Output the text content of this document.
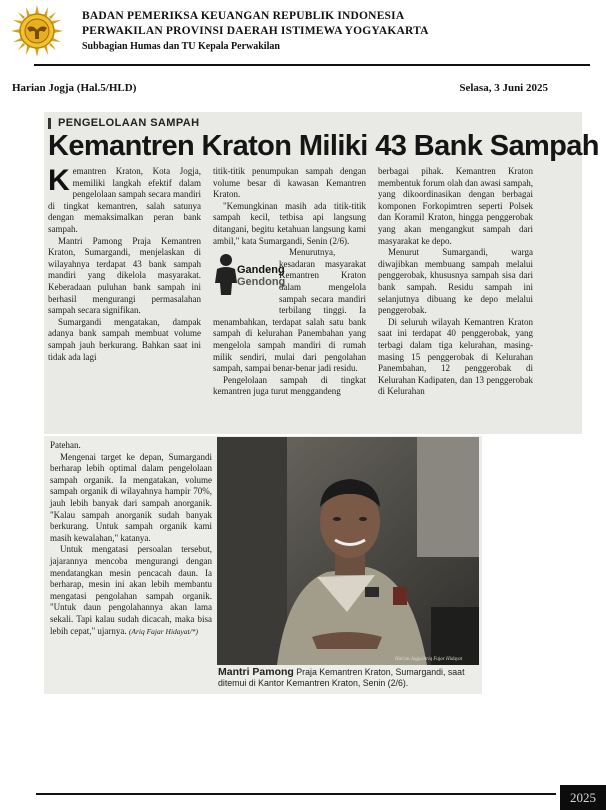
BADAN PEMERIKSA KEUANGAN REPUBLIK INDONESIA
PERWAKILAN PROVINSI DAERAH ISTIMEWA YOGYAKARTA
Subbagian Humas dan TU Kepala Perwakilan
Harian Jogja (Hal.5/HLD)	Selasa, 3 Juni 2025
PENGELOLAAN SAMPAH
Kemantren Kraton Miliki 43 Bank Sampah
K emantren Kraton, Kota Jogja, memiliki langkah efektif dalam pengelolaan sampah secara mandiri di tingkat kemantren, salah satunya dengan memaksimalkan peran bank sampah.

Mantri Pamong Praja Kemantren Kraton, Sumargandi, menjelaskan di wilayahnya terdapat 43 bank sampah mandiri yang dikelola masyarakat. Keberadaan puluhan bank sampah ini berhasil mengurangi permasalahan sampah secara signifikan.

Sumargandi mengatakan, dampak adanya bank sampah membuat volume sampah jauh berkurang. Bahkan saat ini tidak ada lagi

titik-titik penumpukan sampah dengan volume besar di kawasan Kemantren Kraton.

"Kemungkinan masih ada titik-titik sampah kecil, tetbisa api langsung ditangani, begitu ketahuan langsung kami ambil," kata Sumargandi, Senin (2/6).

Gandeng
Gendong

Menurutnya, kesadaran masyarakat Kemantren Kraton dalam mengelola sampah secara mandiri terbilang tinggi. Ia menambahkan, terdapat salah satu bank sampah di kelurahan Panembahan yang mengelola sampah mandiri di rumah milik sendiri, mulai dari pengolahan sampah, sampai benar-benar jadi residu.

Pengelolaan sampah di tingkat kemantren juga turut menggandeng

berbagai pihak. Kemantren Kraton membentuk forum olah dan awasi sampah, yang dikoordinasikan dengan berbagai komponen Forkopimtren seperti Polsek dan Koramil Kraton, hingga penggerobak yang akan mengangkut sampah dari masyarakat ke depo.

Menurut Sumargandi, warga diwajibkan membuang sampah melalui penggerobak, khususnya sampah sisa dari bank sampah. Residu sampah ini selanjutnya dibuang ke depo melalui penggerobak.

Di seluruh wilayah Kemantren Kraton saat ini terdapat 40 penggerobak, yang terbagi dalam tiga kelurahan, masing-masing 15 penggerobak di Kelurahan Panembahan, 12 penggerobak di Kelurahan Kadipaten, dan 13 penggerobak di Kelurahan

Patehan.

Mengenai target ke depan, Sumargandi berharap lebih optimal dalam pengelolaan sampah organik. Ia mengatakan, volume sampah organik di wilayahnya hampir 70%, jauh lebih banyak dari sampah anorganik. "Kalau sampah anorganik sudah banyak berkurang. Untuk sampah organik kami masih kewalahan," katanya.

Untuk mengatasi persoalan tersebut, jajarannya mencoba mengurangi dengan mendatangkan mesin pencacah daun. Ia berharap, mesin ini akan lebih membantu mengatasi pengolahan sampah organik. "Untuk daun pengolahannya akan lama sekali. Tapi kalau sudah dicacah, maka bisa lebih cepat," ujarnya. (Ariq Fajar Hidayat/*)

Harian Jogja/Ariq Fajar Hidayat
Mantri Pamong Praja Kemantren Kraton, Sumargandi, saat ditemui di Kantor Kemantren Kraton, Senin (2/6).
2025
